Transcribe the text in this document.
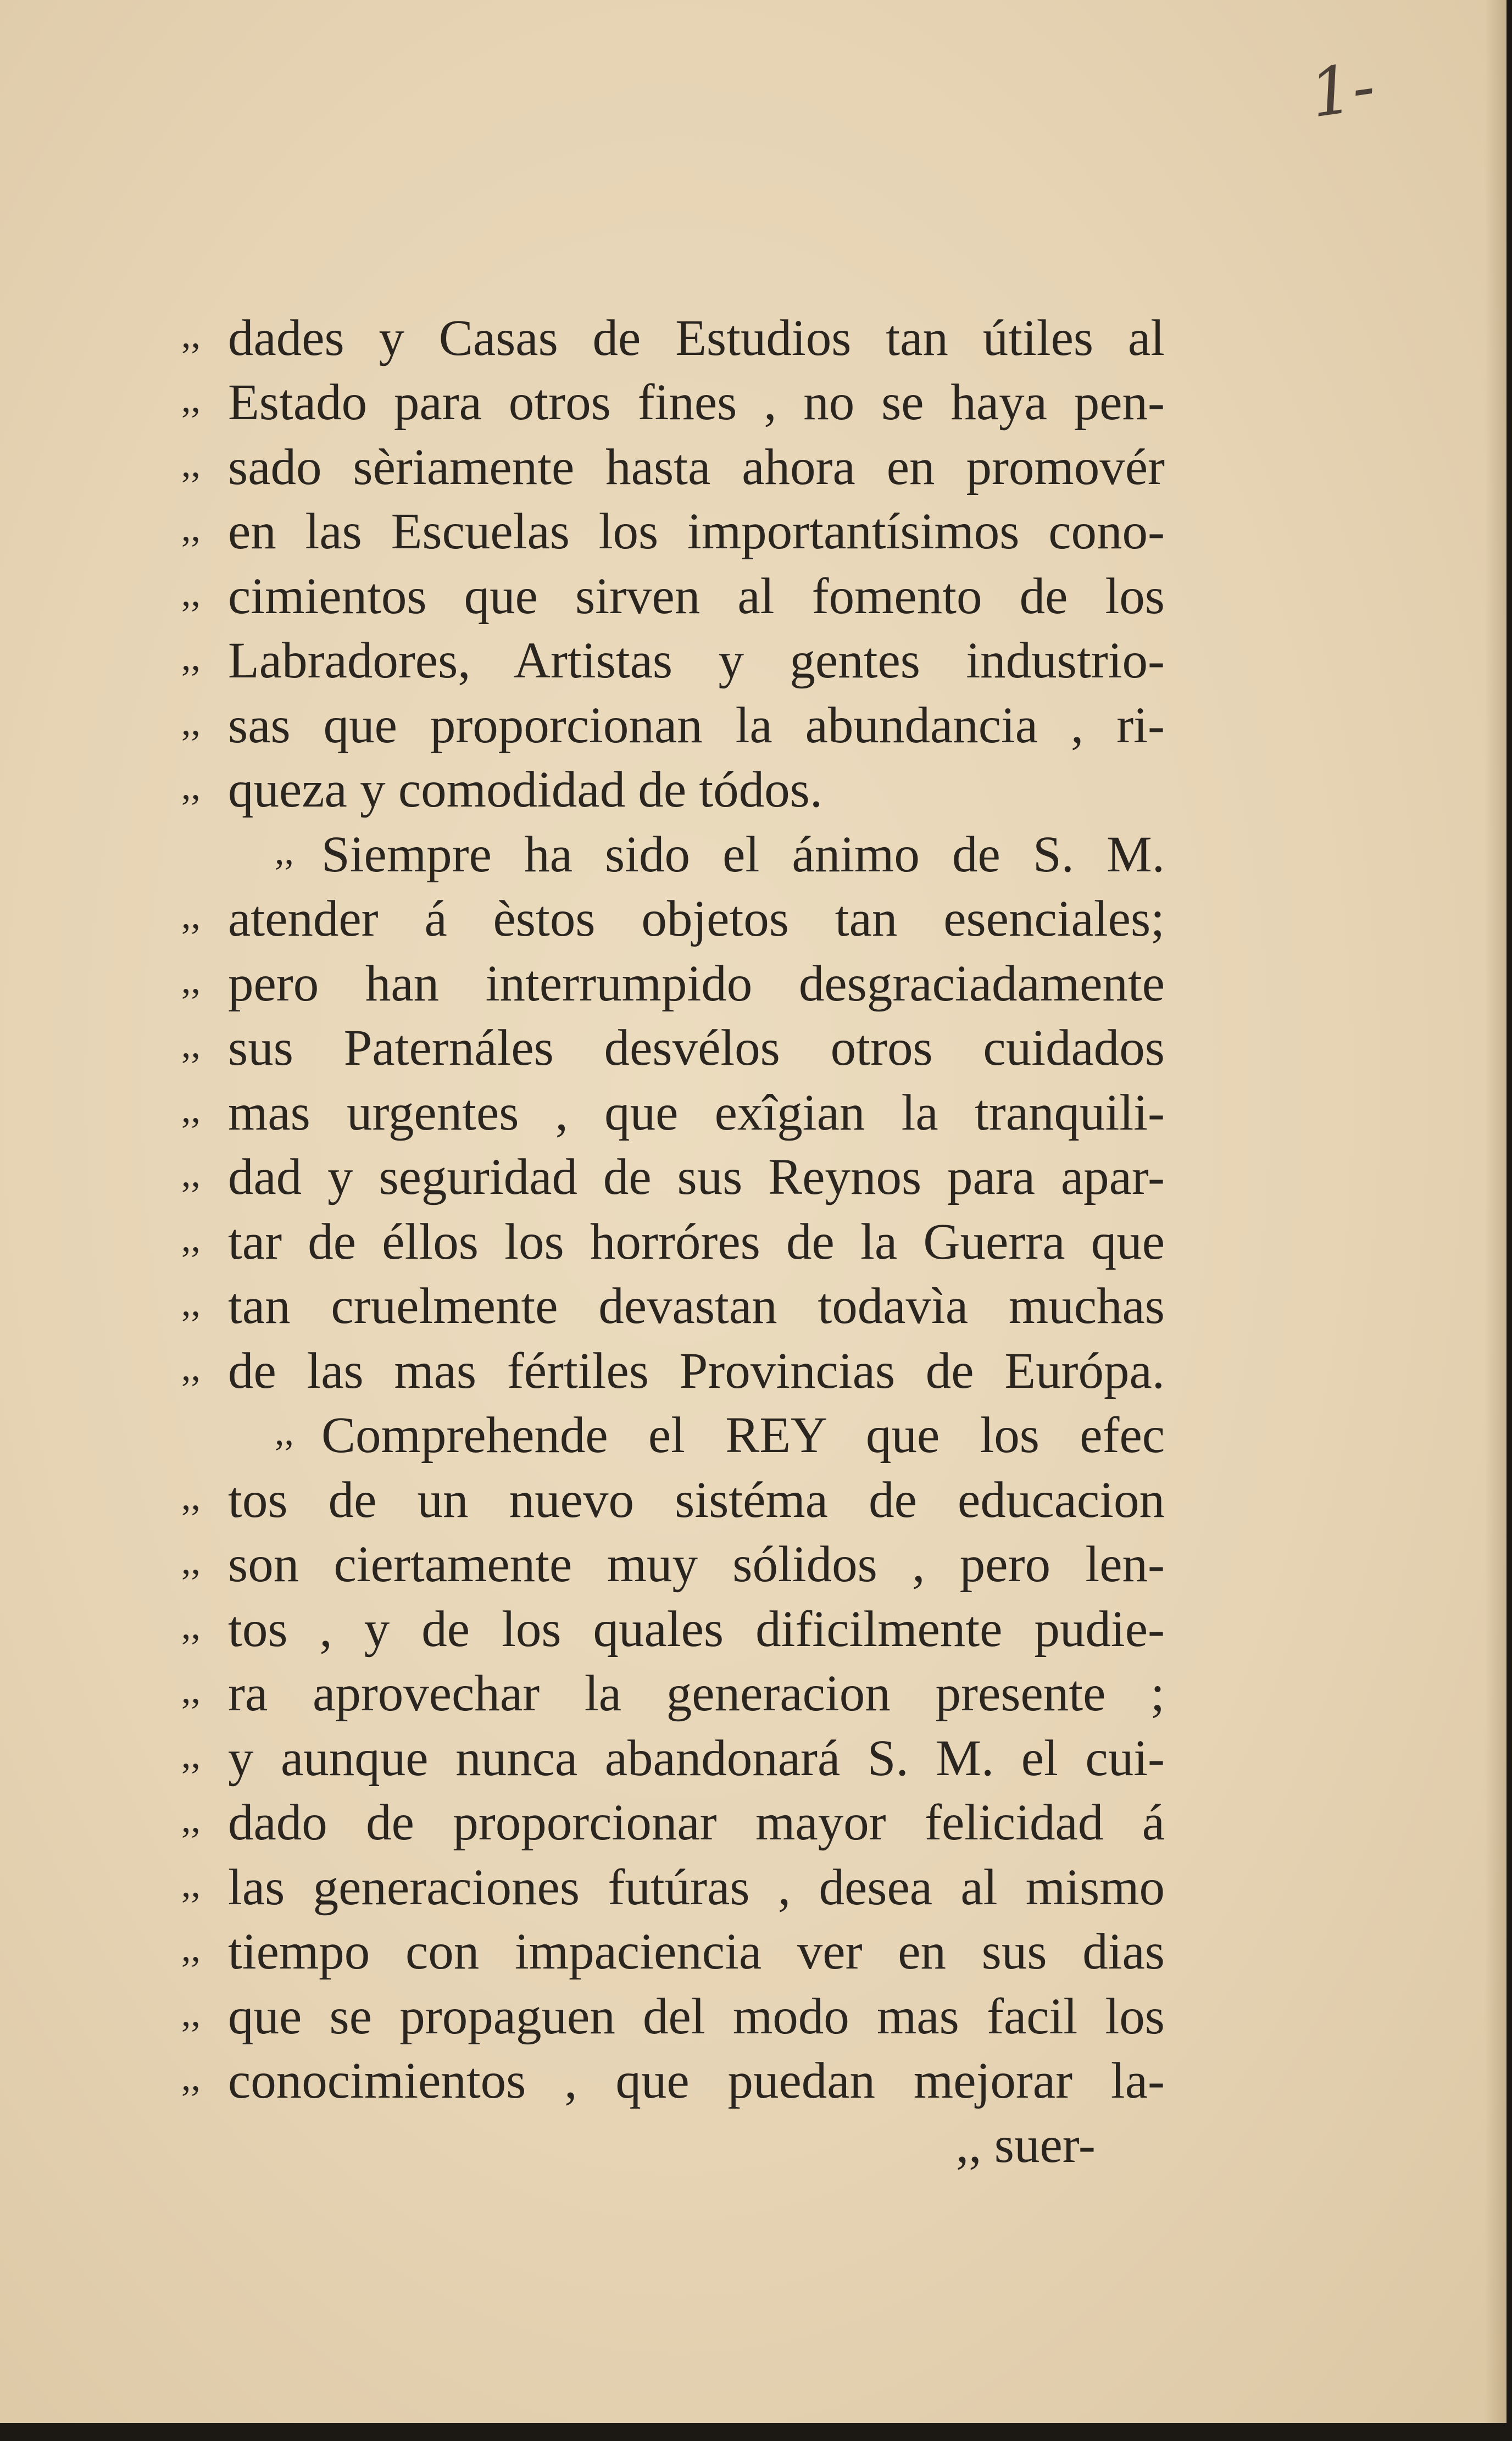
1-
,, dades y Casas de Estudios tan útiles al
,, Estado para otros fines , no se haya pen-
,, sado sèriamente hasta ahora en promovér
,, en las Escuelas los importantísimos cono-
,, cimientos que sirven al fomento de los
,, Labradores, Artistas y gentes industrio-
,, sas que proporcionan la abundancia , ri-
,, queza y comodidad de tódos.
,, Siempre ha sido el ánimo de S. M.
,, atender á èstos objetos tan esenciales;
,, pero han interrumpido desgraciadamente
,, sus Paternáles desvélos otros cuidados
,, mas urgentes , que exîgian la tranquili-
,, dad y seguridad de sus Reynos para apar-
,, tar de éllos los horróres de la Guerra que
,, tan cruelmente devastan todavìa muchas
,, de las mas fértiles Provincias de Európa.
,, Comprehende el REY que los efec
,, tos de un nuevo sistéma de educacion
,, son ciertamente muy sólidos , pero len-
,, tos , y de los quales dificilmente pudie-
,, ra aprovechar la generacion presente ;
,, y aunque nunca abandonará S. M. el cui-
,, dado de proporcionar mayor felicidad á
,, las generaciones futúras , desea al mismo
,, tiempo con impaciencia ver en sus dias
,, que se propaguen del modo mas facil los
,, conocimientos , que puedan mejorar la-
,, suer-
